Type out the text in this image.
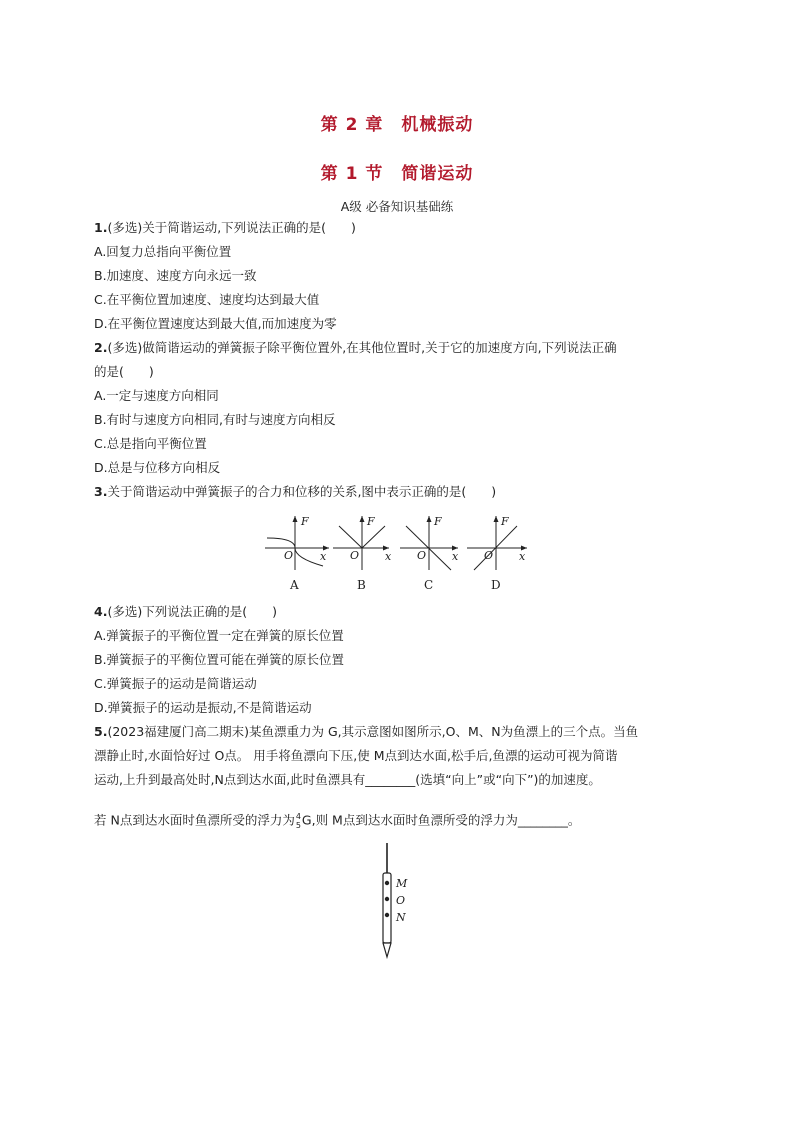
第 2 章　机械振动
第 1 节　简谐运动
A级 必备知识基础练
1.(多选)关于简谐运动,下列说法正确的是(　　)
A.回复力总指向平衡位置
B.加速度、速度方向永远一致
C.在平衡位置加速度、速度均达到最大值
D.在平衡位置速度达到最大值,而加速度为零
2.(多选)做简谐运动的弹簧振子除平衡位置外,在其他位置时,关于它的加速度方向,下列说法正确
的是(　　)
A.一定与速度方向相同
B.有时与速度方向相同,有时与速度方向相反
C.总是指向平衡位置
D.总是与位移方向相反
3.关于简谐运动中弹簧振子的合力和位移的关系,图中表示正确的是(　　)
F
O x
F
O x
F
O x
F
O x
A	B	C	D
4.(多选)下列说法正确的是(　　)
A.弹簧振子的平衡位置一定在弹簧的原长位置
B.弹簧振子的平衡位置可能在弹簧的原长位置
C.弹簧振子的运动是简谐运动
D.弹簧振子的运动是振动,不是简谐运动
5.(2023福建厦门高二期末)某鱼漂重力为 G,其示意图如图所示,O、M、N为鱼漂上的三个点。当鱼
漂静止时,水面恰好过 O点。 用手将鱼漂向下压,使 M点到达水面,松手后,鱼漂的运动可视为简谐
运动,上升到最高处时,N点到达水面,此时鱼漂具有________(选填“向上”或“向下”)的加速度。
若 N点到达水面时鱼漂所受的浮力为 4
5 G,则 M点到达水面时鱼漂所受的浮力为________。
M
O
N
